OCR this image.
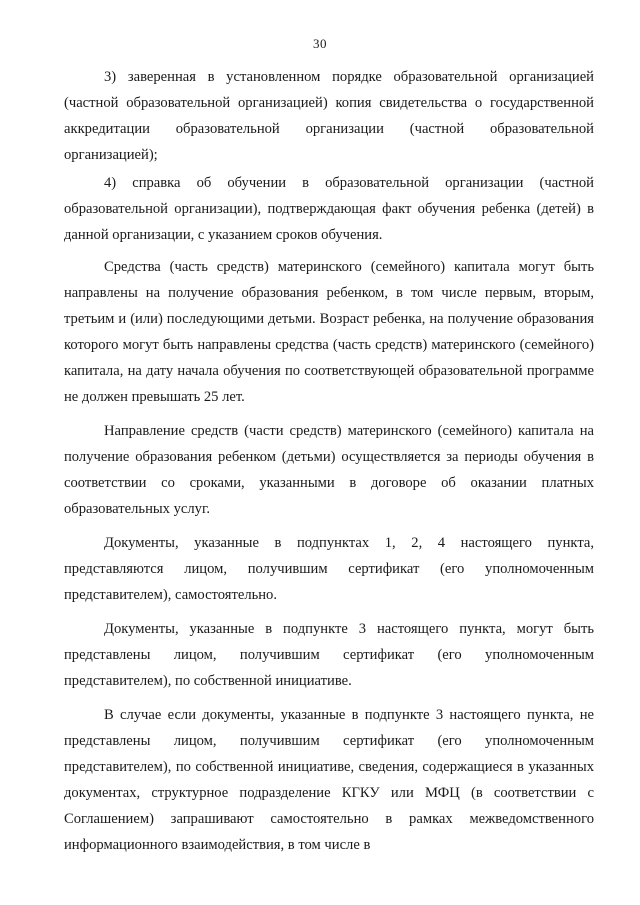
30

3) заверенная в установленном порядке образовательной организацией (частной образовательной организацией) копия свидетельства о государственной аккредитации образовательной организации (частной образовательной организацией);

4) справка об обучении в образовательной организации (частной образовательной организации), подтверждающая факт обучения ребенка (детей) в данной организации, с указанием сроков обучения.

Средства (часть средств) материнского (семейного) капитала могут быть направлены на получение образования ребенком, в том числе первым, вторым, третьим и (или) последующими детьми. Возраст ребенка, на получение образования которого могут быть направлены средства (часть средств) материнского (семейного) капитала, на дату начала обучения по соответствующей образовательной программе не должен превышать 25 лет.

Направление средств (части средств) материнского (семейного) капитала на получение образования ребенком (детьми) осуществляется за периоды обучения в соответствии со сроками, указанными в договоре об оказании платных образовательных услуг.

Документы, указанные в подпунктах 1, 2, 4 настоящего пункта, представляются лицом, получившим сертификат (его уполномоченным представителем), самостоятельно.

Документы, указанные в подпункте 3 настоящего пункта, могут быть представлены лицом, получившим сертификат (его уполномоченным представителем), по собственной инициативе.

В случае если документы, указанные в подпункте 3 настоящего пункта, не представлены лицом, получившим сертификат (его уполномоченным представителем), по собственной инициативе, сведения, содержащиеся в указанных документах, структурное подразделение КГКУ или МФЦ (в соответствии с Соглашением) запрашивают самостоятельно в рамках межведомственного информационного взаимодействия, в том числе в
